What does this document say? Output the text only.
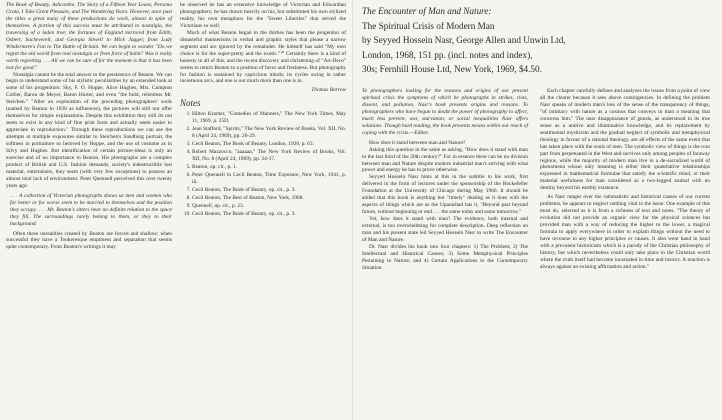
The Book of Beauty, Ashcombe, The Story of a Fifteen Year Lease, Persona Grata, I Take Great Pleasure, and The Wandering Years. However, once past the titles a great many of these productions do work, almost in spite of themselves. A portion of this success must be attributed to nostalgia, the traversing of a laden tree; the fortunes of England mirrored from Edith, Osbert, Sacheverell, and Georgia Sitwell to Mick Jagger, from Lady Windermere's Fan to The Battle of Britain. We can begin to wonder "Do we regret the old world from real nostalgia or from force of habit? Was it really worth regretting . . . All we can be sure of for the moment is that it has been lost for good."

Nostalgia cannot be the total answer to the persistence of Beaton. We can begin to understand some of his stylistic peculiarities by an extended look at some of his progenitors: Sky, F. O. Hoppe, Alice Hughes, Mrs. Compton Collier, Baron de Meyer, Baron Hurter, and even "the bold, relentless Mr. Steichen." "After an exploration of the preceding photographers' work (named by Beaton in 1930 as influences), the pictures will still not offer themselves for simple explanations. Despite this exhibition they still do not seem to exist in any kind of fine print form and actually seem easier to appreciate in reproduction." Through these reproductions we can see the attempts at multiple exposures similar to Steichen's Sandburg portrait, the softness in portraiture so beloved by Hoppe, and the use of costume as in Silvy and Hughes. But identification of certain picture-ideas is only an exercise and of no importance to Beaton. His photographs are a complex product of British and U.S. fashion demands, society's indestructible lost material, entertainers, they seem (with very few exceptions) to possess an almost total lack of environment. Peter Quennell perceived this over twenty years ago:

. . . A collection of Victorian photographs shows us men and women who for better or for worse seem to be married to themselves and the position they occupy. . . . Mr. Beaton's sitters bear no definite relation to the space they fill. The surroundings rarely belong to them, or they to their background.

Often these unrealities created by Beaton are forced and shallow; when successful they have a Tookeresque emptiness and separation that seems quite contemporary. From Beaton's writings it may

be observed he has an extensive knowledge of Victorian and Edwardian photographers; he has drawn heavily on his, but substituted his own stylized reality, his own metaphors for the "Sweet Liberties" that served the Victorians so well.

Much of what Beaton began in the thirties has been the progenitor of distasteful mannerisms in verbal and graphic styles that please a narrow segment and are ignored by the remainder. He himself has said "My own choice is for the super-pretty and the exotic."¹⁰ Certainly there is a kind of honesty in all of this, and the recent discovery and christening of "Art-Deco" seems to return Beaton to a position of favor and freshness. But photography for fashion is sustained by capricious minds; its cycles swing in rather incestuous arcs, and one is out much more than one is in.

Thomas Barrow
Notes
1. Hilton Kramer, "Comedies of Manners," The New York Times, May 11, 1969, p. 25D.
2. Jean Stafford, "Spirits," The New York Review of Books, Vol. XII, No. 8 (April 24, 1969), pp. 26-29.
3. Cecil Beaton, The Book of Beauty, London, 1930, p. 63.
4. Robert Mazzocco, "aaaaaa," The New York Review of Books, Vol. XII, No. 8 (April 24, 1969), pp. 34-37.
5. Beaton, op. cit., p. 1.
6. Peter Quennell in Cecil Beaton, Time Exposure, New York, 1941, p. iii.
7. Cecil Beaton, The Book of Beauty, op. cit., p. 3.
8. Cecil Beaton, The Best of Beaton, New York, 1968.
9. Quennell, op. cit., p. 23.
10. Cecil Beaton, The Book of Beauty, op. cit., p. 3.
The Encounter of Man and Nature:
The Spiritual Crisis of Modern Man
by Seyyed Hossein Nasr, George Allen and Unwin Ltd,
London, 1968, 151 pp. (incl. notes and index),
30s; Fernhill House Ltd, New York, 1969, $4.50.

To photographers looking for the reasons and origins of our present spiritual crisis the symptoms of which be photographs in strikes, riots, dissent, and pollution, Nasr's book presents origins and reasons. To photographers who have begun to doubt the power of photography to affect, much less prevent, war, starvation, or social inequalities Nasr offers solutions. Though hard reading, the book presents means within our reach of coping with the crisis.—Editor.

How does it stand between man and Nature?

Asking this question in the same as asking, "How does it stand with man in the last third of the 20th century?" For in essence there can be no division between man and Nature despite modern industrial man's striving with what power and energy he has to prove otherwise.

Seyyed Hossein Nasr hints at this in the subtitle to his work, first delivered in the form of lectures under the sponsorship of the Rockefeller Foundation at the University of Chicago during May 1966. It should be added that this book is anything but "timely" dealing as it does with the aspects of things which are as the Upanishad has it, "Beyond past beyond future, without beginning or end . . . the same today and same tomorrow."

Yet, how does it stand with man? The evidence, both internal and external, is too overwhelming for complete description. Deep reflection on man and his present state led Seyyed Hossein Nasr to write The Encounter of Man and Nature.

Dr. Nasr divides his book into four chapters: 1) The Problem; 2) The Intellectual and Historical Causes; 3) Some Metaphysical Principles Pertaining to Nature; and 4) Certain Applications to the Contemporary Situation.

Each chapter carefully defines and analyzes the issues from a point of view all the clearer because it sees above contingencies. In defining the problem Nasr speaks of modern man's loss of the sense of the transparency of things, "of intimacy with nature as a cosmos that conveys to man a meaning that concerns him." The near disappearance of gnosis, as understood in its true sense as a unitive and illuminative knowledge, and its replacement by sentimental mysticism and the gradual neglect of symbolic and metaphysical theology in favour of a rational theology, are all effects of the same event that has taken place with the souls of men. The symbolic view of things is the root part from perpetuated in the West and survives only among peoples of faraway regions, while the majority of modern man live in a de-sacralized world of phenomena whose only meaning is either their quantitative relationships expressed in mathematical formulae that satisfy the scientific mind, or their material usefulness for man considered as a two-legged animal with no destiny beyond his earthly existence.

As Nasr ranges over the rationalistic and historical causes of our current problems, he appears to neglect nothing vital to the issue. One example of this must do, selected as it is from a richness of text and notes. "The theory of evolution did not provide an organic view for the physical sciences but provided man with a way of reducing the higher to the lower, a magical formula to apply everywhere in order to explain things without the need to have recourse to any higher principles or causes. It also went hand in hand with a prevalent historicism which is a parody of the Christian philosophy of history, but which nevertheless could only take place in the Christian world where the truth itself had become incarnated in time and history. A reaction is always against an existing affirmation and action."
